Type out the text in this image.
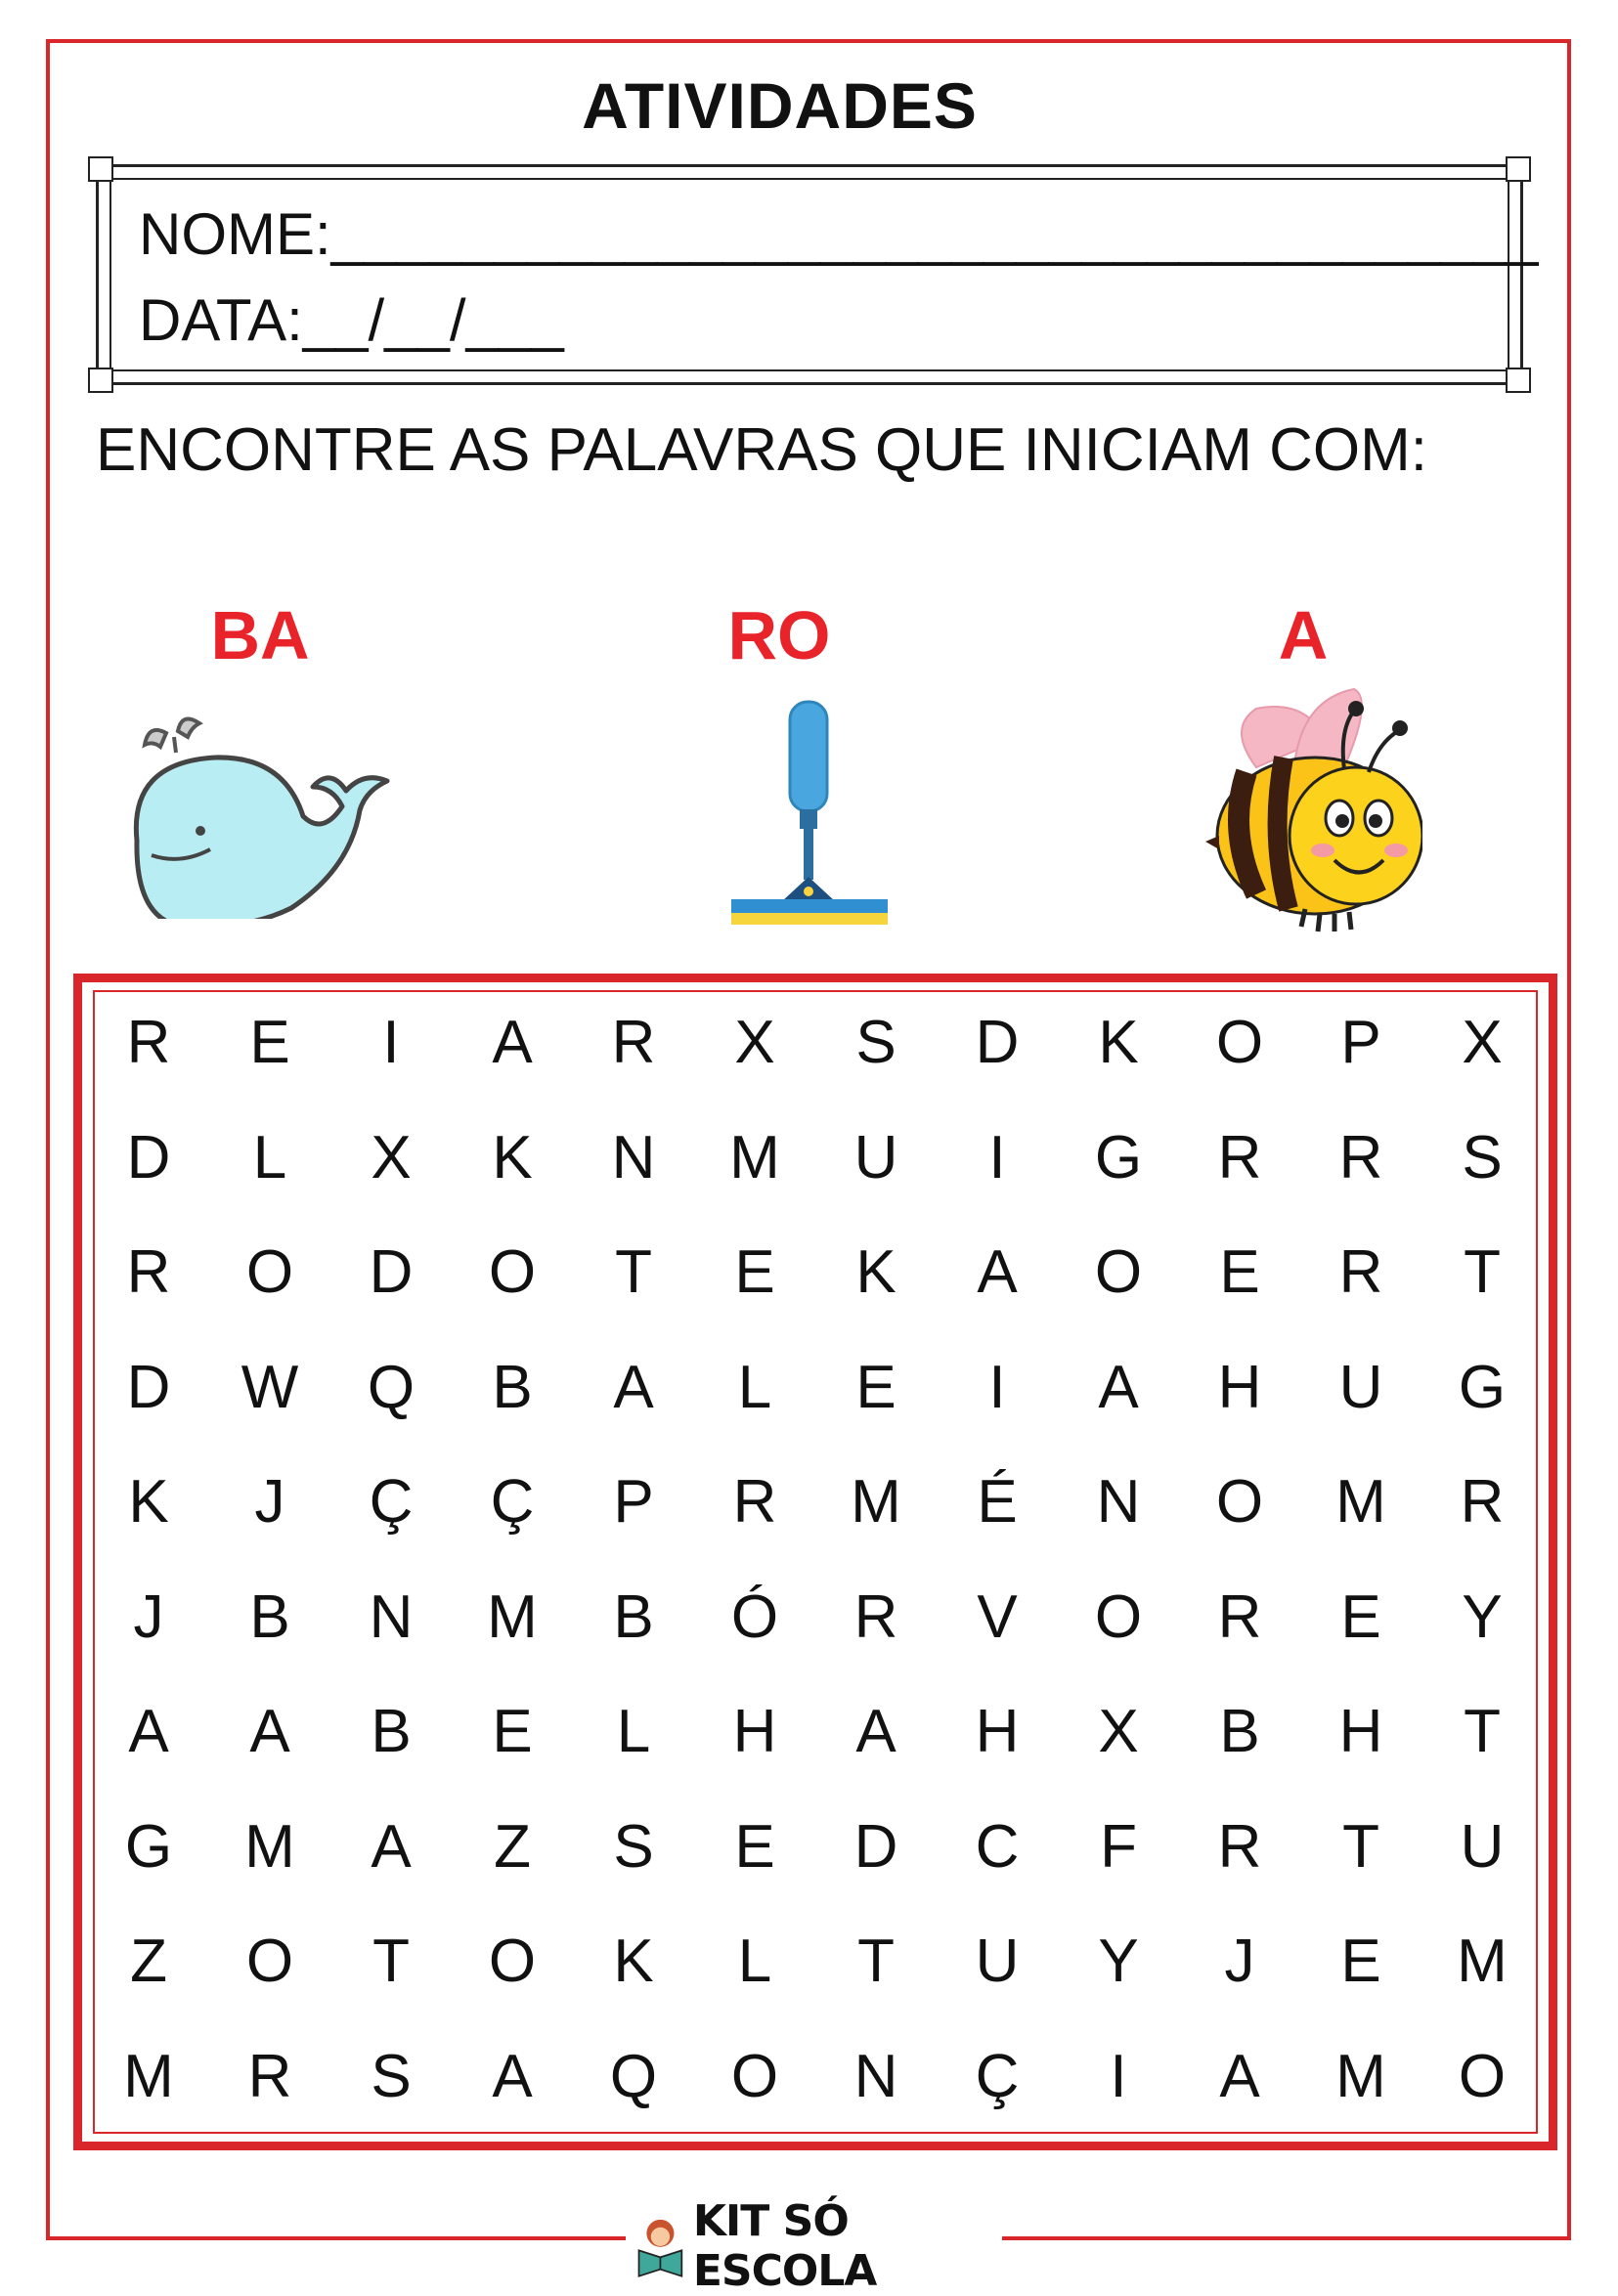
ATIVIDADES
NOME:_____________________________________
DATA:__/__/___
ENCONTRE AS PALAVRAS QUE INICIAM COM:
BA	RO	A
R	E	I	A	R	X	S	D	K	O	P	X
D	L	X	K	N	M	U	I	G	R	R	S
R	O	D	O	T	E	K	A	O	E	R	T
D	W	Q	B	A	L	E	I	A	H	U	G
K	J	Ç	Ç	P	R	M	É	N	O	M	R
J	B	N	M	B	Ó	R	V	O	R	E	Y
A	A	B	E	L	H	A	H	X	B	H	T
G	M	A	Z	S	E	D	C	F	R	T	U
Z	O	T	O	K	L	T	U	Y	J	E	M
M	R	S	A	Q	O	N	Ç	I	A	M	O
KIT SÓ ESCOLA
